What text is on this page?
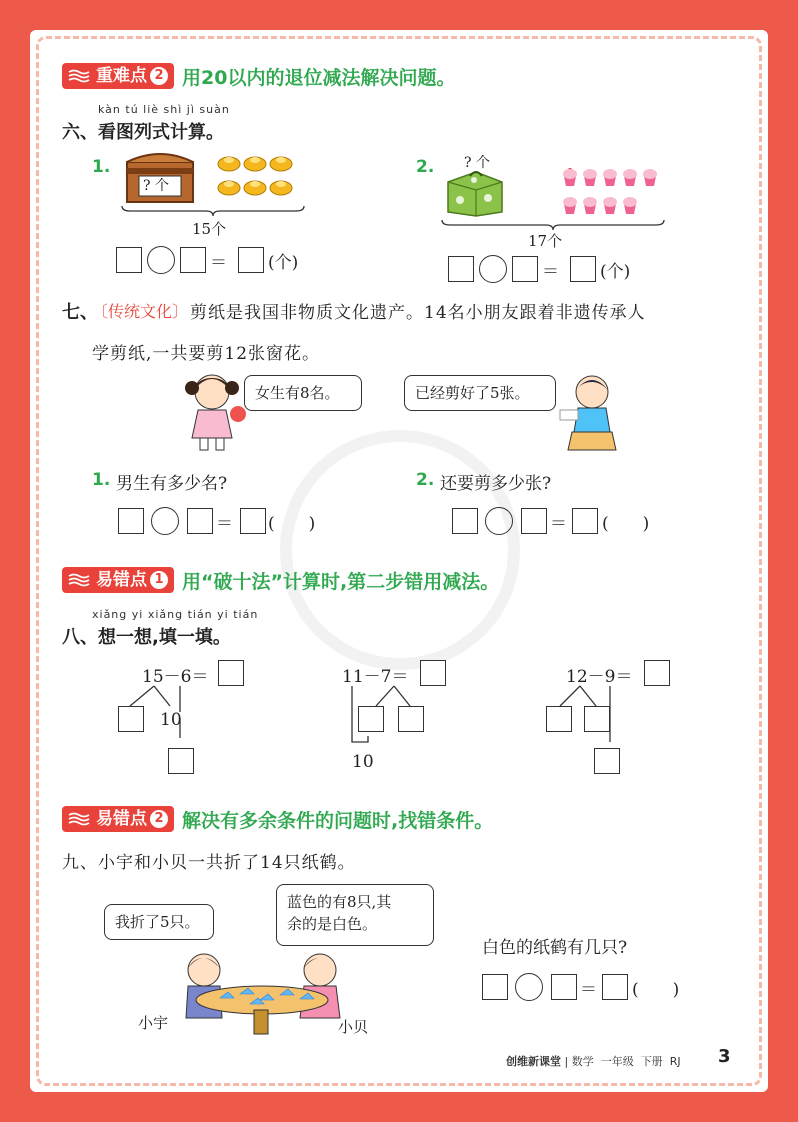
重难点 2 用20以内的退位减法解决问题。
kàn tú liè shì jì suàn
六、看图列式计算。
1.
? 个
15个
＝ (个)
2. ? 个
17个
＝ (个)
七、
〔传统文化〕 剪纸是我国非物质文化遗产。14名小朋友跟着非遗传承人
学剪纸,一共要剪12张窗花。
女生有8名。	已经剪好了5张。
1. 男生有多少名?
＝ (　　)
2. 还要剪多少张?
＝ (　　)
易错点 1 用“破十法”计算时,第二步错用减法。
xiǎng yi xiǎng tián yi tián
八、想一想,填一填。
15－6＝
10
11－7＝
10
12－9＝
易错点 2 解决有多余条件的问题时,找错条件。
九、小宇和小贝一共折了14只纸鹤。
我折了5只。
蓝色的有8只,其
余的是白色。
小宇	小贝
白色的纸鹤有几只?
＝ (　　)
创维新课堂 | 数学 一年级 下册 RJ 3
